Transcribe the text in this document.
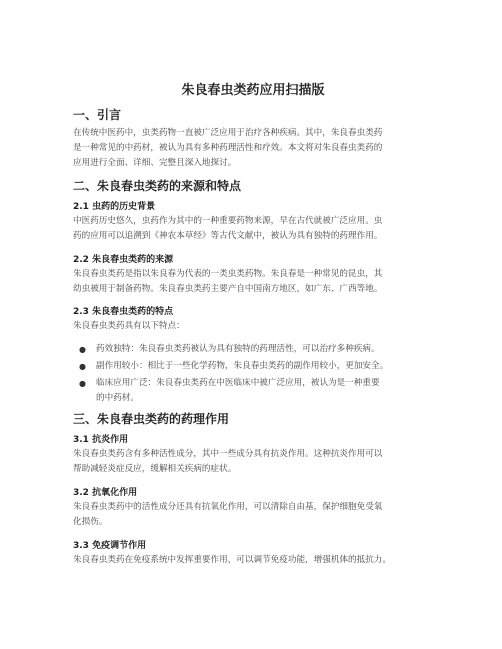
朱良春虫类药应用扫描版
一、引言
在传统中医药中，虫类药物一直被广泛应用于治疗各种疾病。其中，朱良春虫类药
是一种常见的中药材，被认为具有多种药理活性和疗效。本文将对朱良春虫类药的
应用进行全面、详细、完整且深入地探讨。
二、朱良春虫类药的来源和特点
2.1 虫药的历史背景
中医药历史悠久，虫药作为其中的一种重要药物来源，早在古代就被广泛应用。虫
药的应用可以追溯到《神农本草经》等古代文献中，被认为具有独特的药理作用。
2.2 朱良春虫类药的来源
朱良春虫类药是指以朱良春为代表的一类虫类药物。朱良春是一种常见的昆虫，其
幼虫被用于制备药物。朱良春虫类药主要产自中国南方地区，如广东、广西等地。
2.3 朱良春虫类药的特点
朱良春虫类药具有以下特点：
● 药效独特：朱良春虫类药被认为具有独特的药理活性，可以治疗多种疾病。
● 副作用较小：相比于一些化学药物，朱良春虫类药的副作用较小，更加安全。
● 临床应用广泛：朱良春虫类药在中医临床中被广泛应用，被认为是一种重要
的中药材。
三、朱良春虫类药的药理作用
3.1 抗炎作用
朱良春虫类药含有多种活性成分，其中一些成分具有抗炎作用。这种抗炎作用可以
帮助减轻炎症反应，缓解相关疾病的症状。
3.2 抗氧化作用
朱良春虫类药中的活性成分还具有抗氧化作用，可以清除自由基，保护细胞免受氧
化损伤。
3.3 免疫调节作用
朱良春虫类药在免疫系统中发挥重要作用，可以调节免疫功能，增强机体的抵抗力。
